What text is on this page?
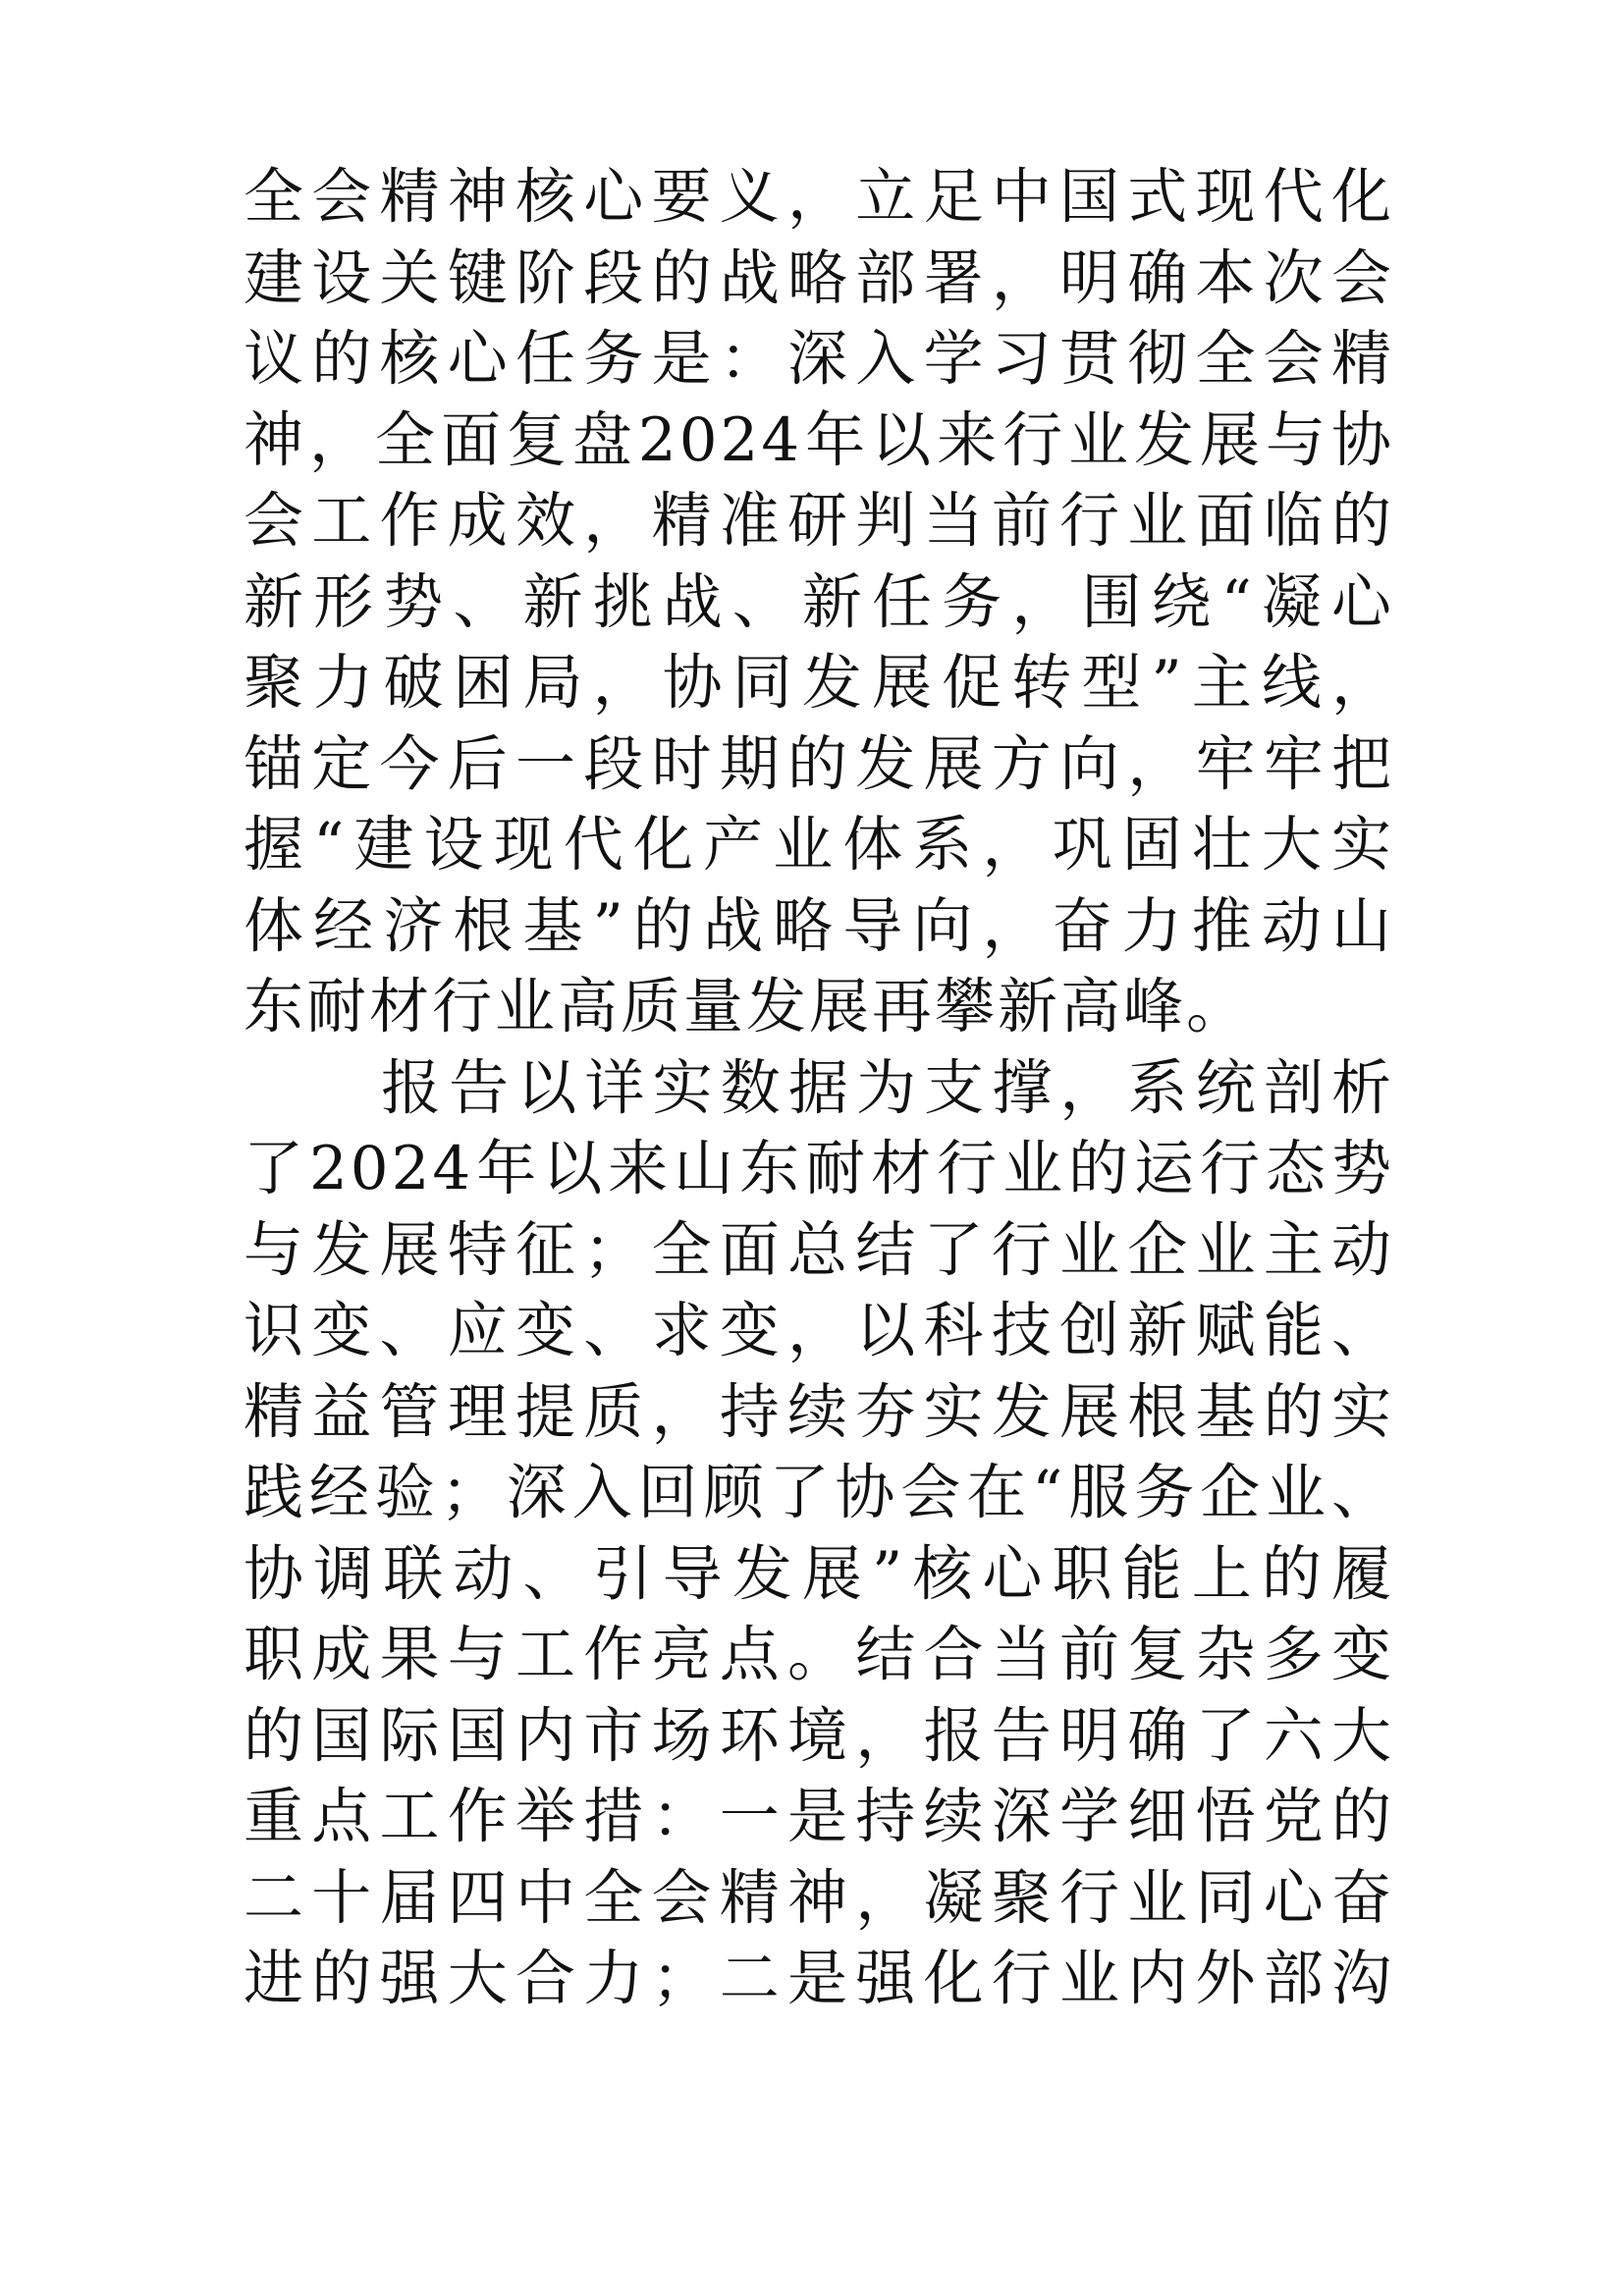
全会精神核心要义，立足中国式现代化
建设关键阶段的战略部署，明确本次会
议的核心任务是：深入学习贯彻全会精
神，全面复盘2024年以来行业发展与协
会工作成效，精准研判当前行业面临的
新形势、新挑战、新任务，围绕“凝心
聚力破困局，协同发展促转型”主线，
锚定今后一段时期的发展方向，牢牢把
握“建设现代化产业体系，巩固壮大实
体经济根基”的战略导向，奋力推动山
东耐材行业高质量发展再攀新高峰。
报告以详实数据为支撑，系统剖析
了2024年以来山东耐材行业的运行态势
与发展特征；全面总结了行业企业主动
识变、应变、求变，以科技创新赋能、
精益管理提质，持续夯实发展根基的实
践经验；深入回顾了协会在“服务企业、
协调联动、引导发展”核心职能上的履
职成果与工作亮点。结合当前复杂多变
的国际国内市场环境，报告明确了六大
重点工作举措：一是持续深学细悟党的
二十届四中全会精神，凝聚行业同心奋
进的强大合力；二是强化行业内外部沟
